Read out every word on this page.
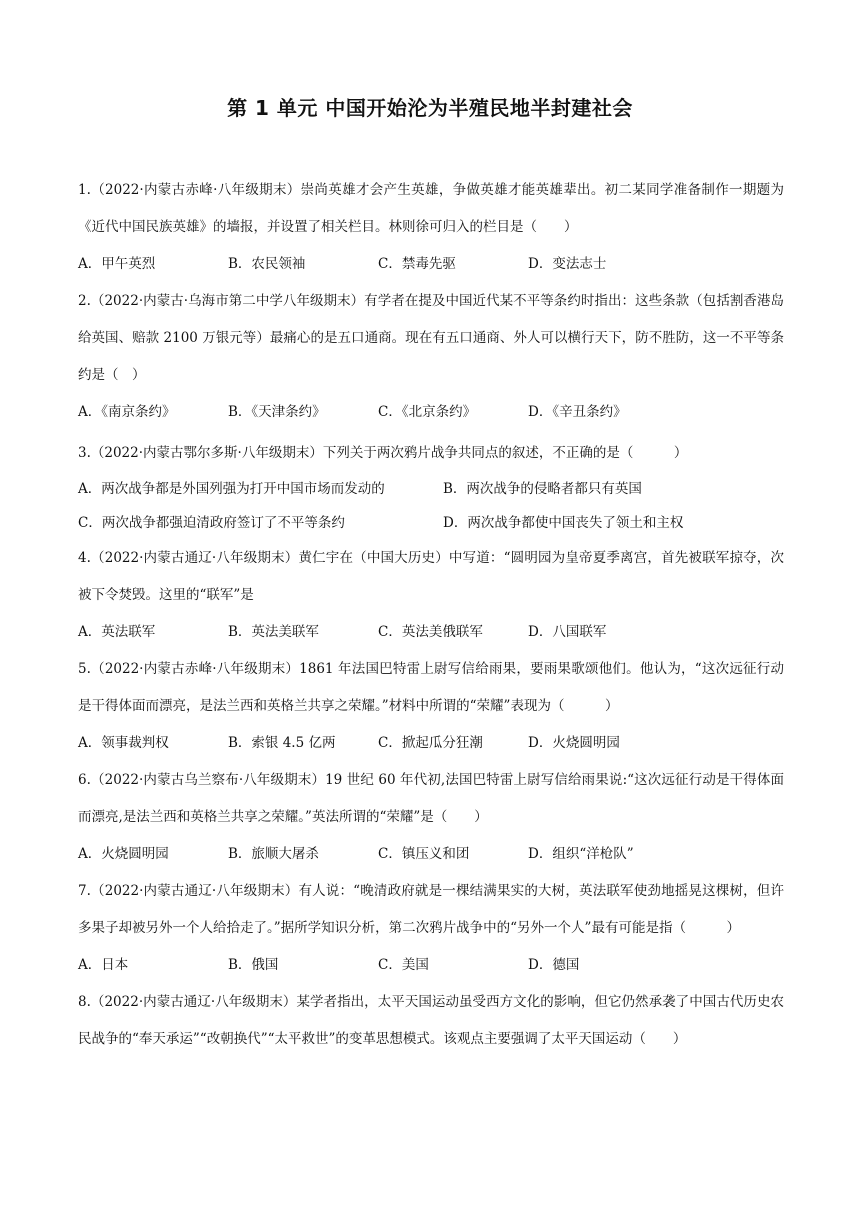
第 1 单元 中国开始沦为半殖民地半封建社会
1.（2022·内蒙古赤峰·八年级期末）崇尚英雄才会产生英雄，争做英雄才能英雄辈出。初二某同学准备制作一期题为《近代中国民族英雄》的墙报，并设置了相关栏目。林则徐可归入的栏目是（　　）
A．甲午英烈	B．农民领袖	C．禁毒先驱	D．变法志士
2.（2022·内蒙古·乌海市第二中学八年级期末）有学者在提及中国近代某不平等条约时指出：这些条款（包括割香港岛给英国、赔款 2100 万银元等）最痛心的是五口通商。现在有五口通商、外人可以横行天下，防不胜防，这一不平等条约是（　）
A．《南京条约》	B．《天津条约》	C．《北京条约》	D．《辛丑条约》
3.（2022·内蒙古鄂尔多斯·八年级期末）下列关于两次鸦片战争共同点的叙述，不正确的是（　　　）
A．两次战争都是外国列强为打开中国市场而发动的	B．两次战争的侵略者都只有英国
C．两次战争都强迫清政府签订了不平等条约	D．两次战争都使中国丧失了领土和主权
4.（2022·内蒙古通辽·八年级期末）黄仁宇在（中国大历史）中写道：“圆明园为皇帝夏季离宫，首先被联军掠夺，次被下令焚毁。这里的“联军”是
A．英法联军	B．英法美联军	C．英法美俄联军	D．八国联军
5.（2022·内蒙古赤峰·八年级期末）1861 年法国巴特雷上尉写信给雨果，要雨果歌颂他们。他认为，“这次远征行动是干得体面而漂亮，是法兰西和英格兰共享之荣耀。”材料中所谓的“荣耀”表现为（　　　）
A．领事裁判权	B．索银 4.5 亿两	C．掀起瓜分狂潮	D．火烧圆明园
6.（2022·内蒙古乌兰察布·八年级期末）19 世纪 60 年代初,法国巴特雷上尉写信给雨果说:“这次远征行动是干得体面而漂亮,是法兰西和英格兰共享之荣耀。”英法所谓的“荣耀”是（　　）
A．火烧圆明园	B．旅顺大屠杀	C．镇压义和团	D．组织“洋枪队”
7.（2022·内蒙古通辽·八年级期末）有人说：“晚清政府就是一棵结满果实的大树，英法联军使劲地摇晃这棵树，但许多果子却被另外一个人给拾走了。”据所学知识分析，第二次鸦片战争中的“另外一个人”最有可能是指（　　　）
A．日本	B．俄国	C．美国	D．德国
8.（2022·内蒙古通辽·八年级期末）某学者指出，太平天国运动虽受西方文化的影响，但它仍然承袭了中国古代历史农民战争的“奉天承运”“改朝换代”“太平救世”的变革思想模式。该观点主要强调了太平天国运动（　　）
